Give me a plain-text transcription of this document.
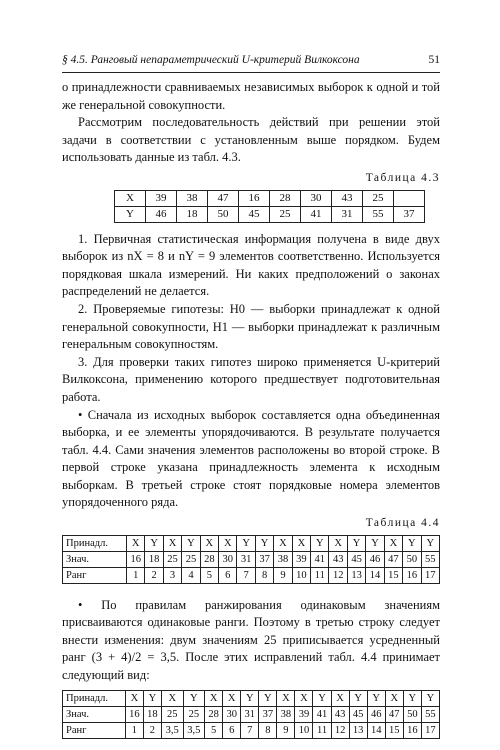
§ 4.5. Ранговый непараметрический U-критерий Вилкоксона	51

о принадлежности сравниваемых независимых выборок к одной и той же генеральной совокупности.

Рассмотрим последовательность действий при решении этой задачи в соответствии с установленным выше порядком. Будем использовать данные из табл. 4.3.

Таблица 4.3
X	39	38	47	16	28	30	43	25	
Y	46	18	50	45	25	41	31	55	37

1. Первичная статистическая информация получена в виде двух выборок из nX = 8 и nY = 9 элементов соответственно. Используется порядковая шкала измерений. Ни каких предположений о законах распределений не делается.

2. Проверяемые гипотезы: H0 — выборки принадлежат к одной генеральной совокупности, H1 — выборки принадлежат к различным генеральным совокупностям.

3. Для проверки таких гипотез широко применяется U-критерий Вилкоксона, применению которого предшествует подготовительная работа.

• Сначала из исходных выборок составляется одна объединенная выборка, и ее элементы упорядочиваются. В результате получается табл. 4.4. Сами значения элементов расположены во второй строке. В первой строке указана принадлежность элемента к исходным выборкам. В третьей строке стоят порядковые номера элементов упорядоченного ряда.

Таблица 4.4
Принадл.	X	Y	X	Y	X	X	Y	Y	X	X	Y	X	Y	Y	X	Y	Y
Знач.	16	18	25	25	28	30	31	37	38	39	41	43	45	46	47	50	55
Ранг	1	2	3	4	5	6	7	8	9	10	11	12	13	14	15	16	17

• По правилам ранжирования одинаковым значениям присваиваются одинаковые ранги. Поэтому в третью строку следует внести изменения: двум значениям 25 приписывается усредненный ранг (3 + 4)/2 = 3,5. После этих исправлений табл. 4.4 принимает следующий вид:

Принадл.	X	Y	X	Y	X	X	Y	Y	X	X	Y	X	Y	Y	X	Y	Y
Знач.	16	18	25	25	28	30	31	37	38	39	41	43	45	46	47	50	55
Ранг	1	2	3,5	3,5	5	6	7	8	9	10	11	12	13	14	15	16	17
